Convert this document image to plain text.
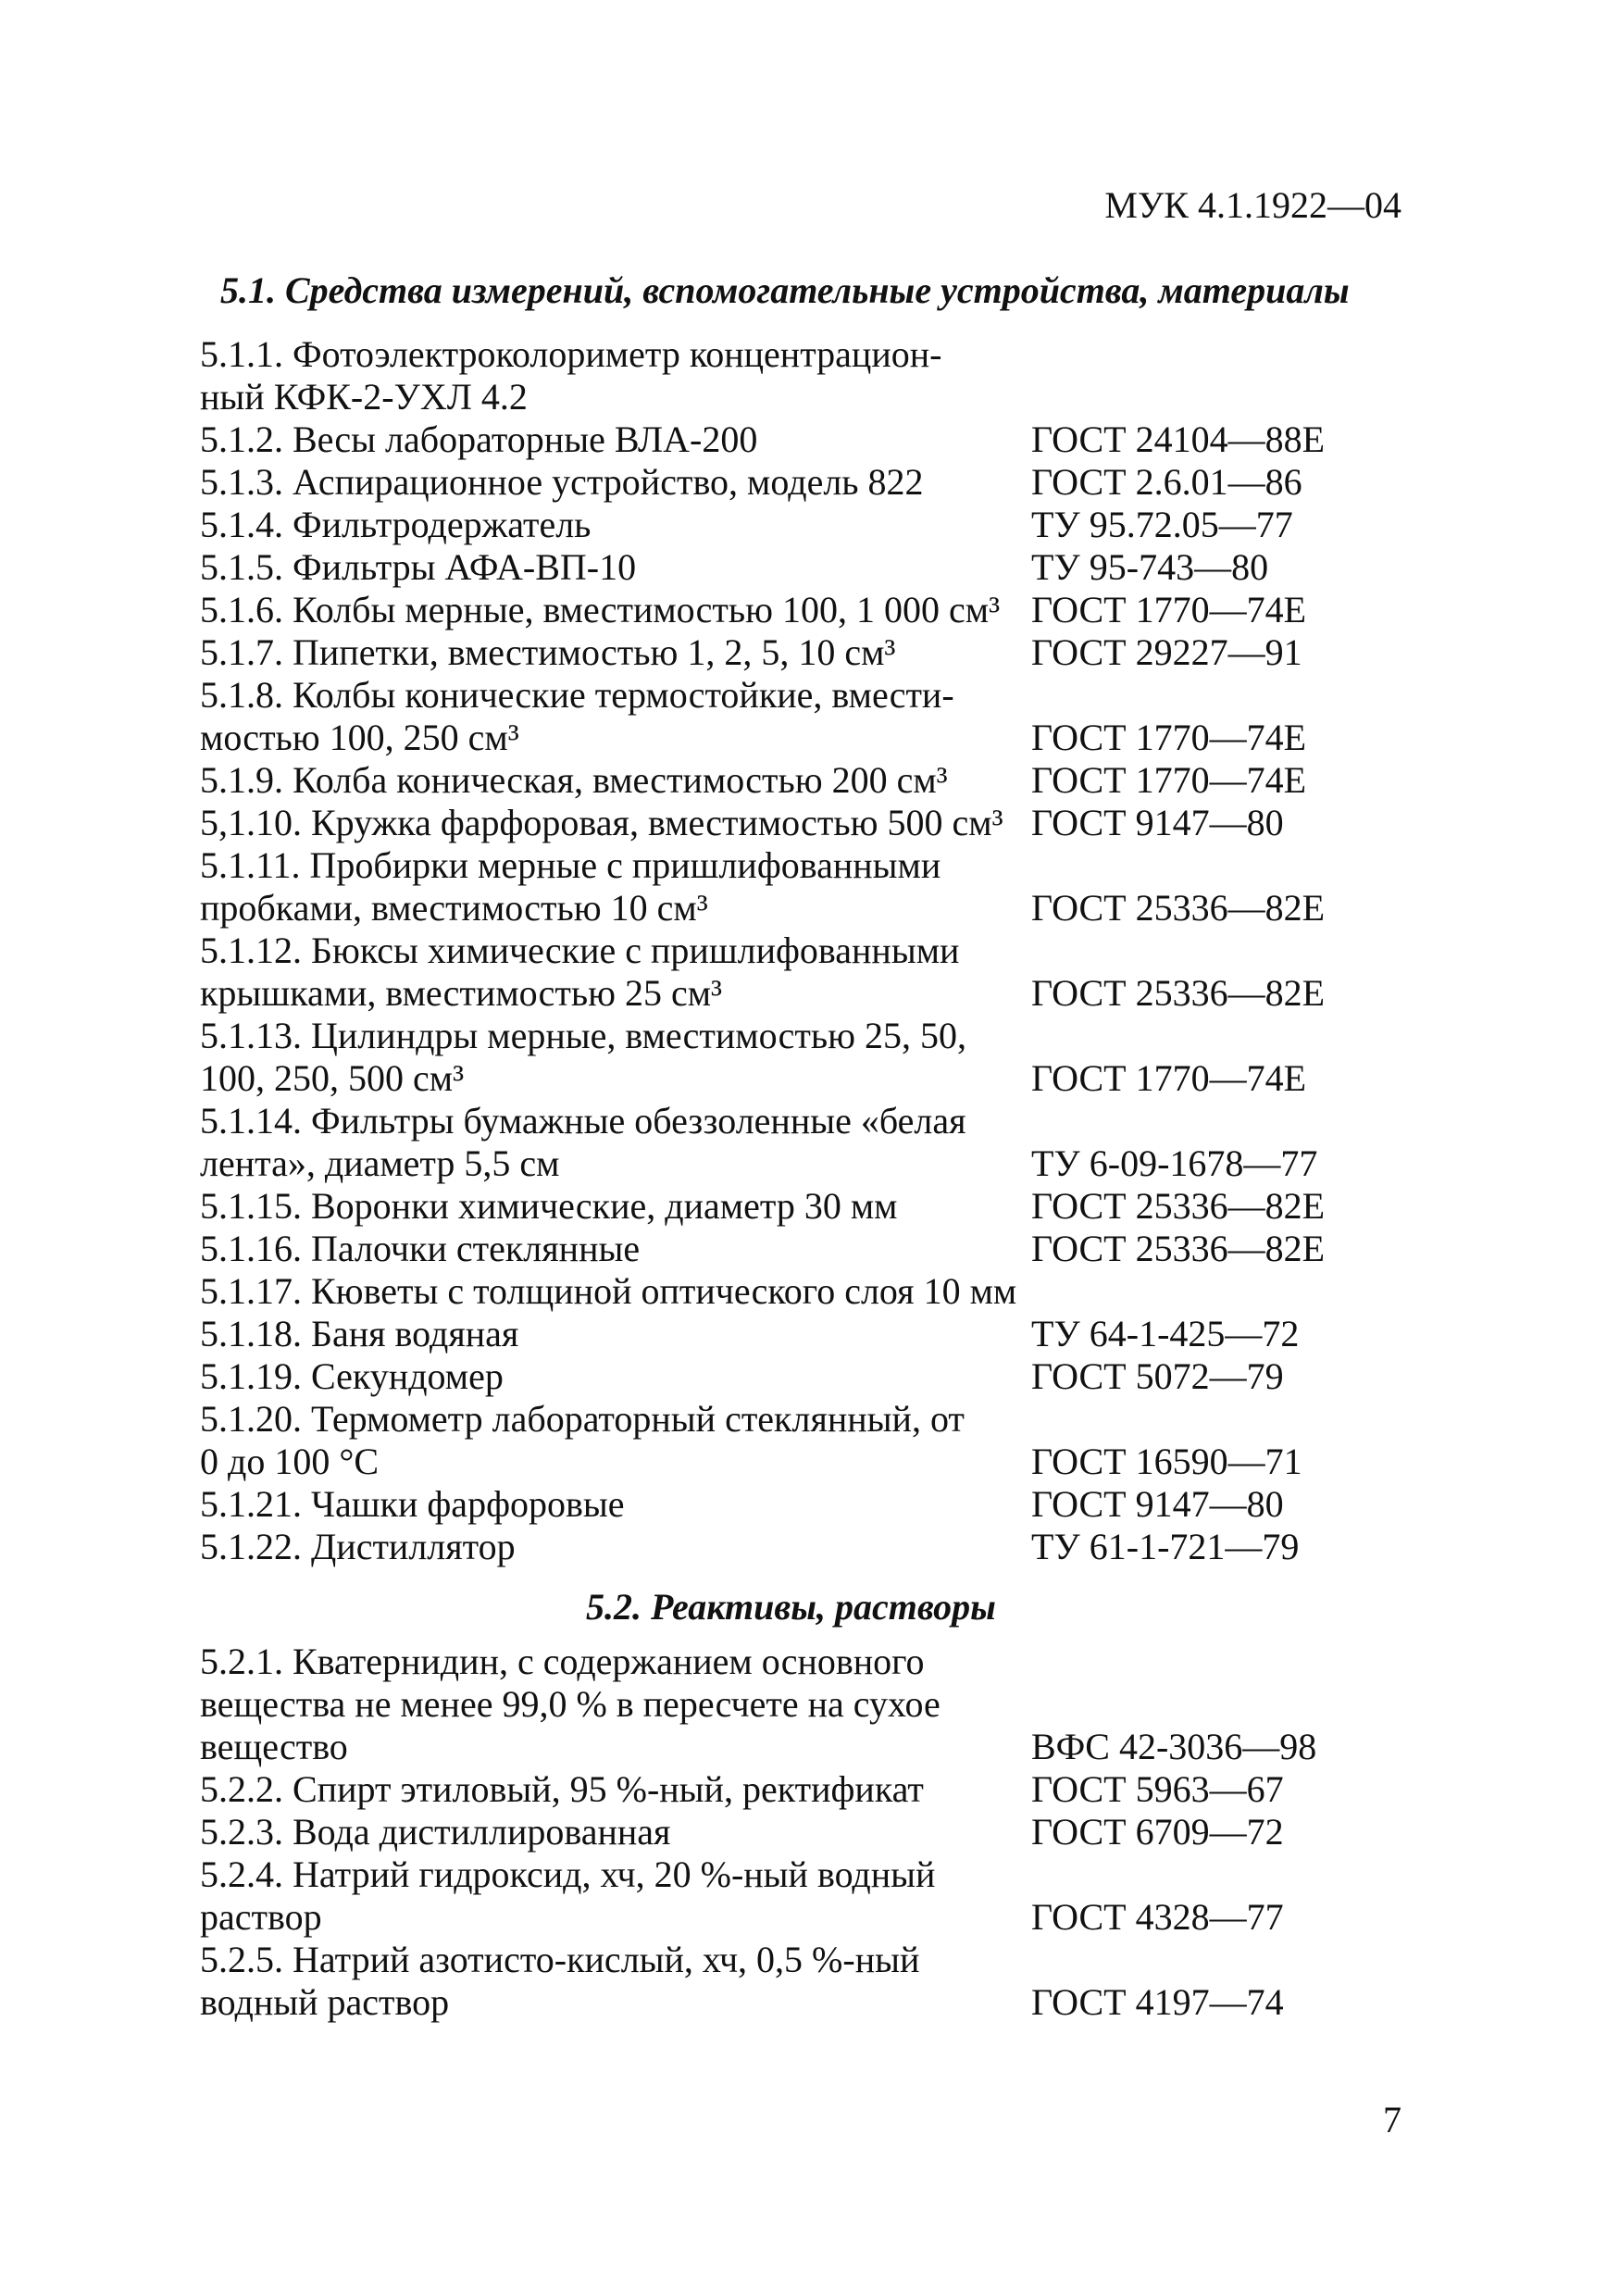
МУК 4.1.1922—04
5.1. Средства измерений, вспомогательные устройства, материалы
5.1.1. Фотоэлектроколориметр концентрацион-
ный КФК-2-УХЛ 4.2
5.1.2. Весы лабораторные ВЛА-200	ГОСТ 24104—88Е
5.1.3. Аспирационное устройство, модель 822	ГОСТ 2.6.01—86
5.1.4. Фильтродержатель	ТУ 95.72.05—77
5.1.5. Фильтры АФА-ВП-10	ТУ 95-743—80
5.1.6. Колбы мерные, вместимостью 100, 1 000 см³ ГОСТ 1770—74Е
5.1.7. Пипетки, вместимостью 1, 2, 5, 10 см³	ГОСТ 29227—91
5.1.8. Колбы конические термостойкие, вмести-
мостью 100, 250 см³	ГОСТ 1770—74Е
5.1.9. Колба коническая, вместимостью 200 см³	ГОСТ 1770—74Е
5,1.10. Кружка фарфоровая, вместимостью 500 см³ ГОСТ 9147—80
5.1.11. Пробирки мерные с пришлифованными
пробками, вместимостью 10 см³	ГОСТ 25336—82Е
5.1.12. Бюксы химические с пришлифованными
крышками, вместимостью 25 см³	ГОСТ 25336—82Е
5.1.13. Цилиндры мерные, вместимостью 25, 50,
100, 250, 500 см³	ГОСТ 1770—74Е
5.1.14. Фильтры бумажные обеззоленные «белая
лента», диаметр 5,5 см	ТУ 6-09-1678—77
5.1.15. Воронки химические, диаметр 30 мм	ГОСТ 25336—82Е
5.1.16. Палочки стеклянные	ГОСТ 25336—82Е
5.1.17. Кюветы с толщиной оптического слоя 10 мм
5.1.18. Баня водяная	ТУ 64-1-425—72
5.1.19. Секундомер	ГОСТ 5072—79
5.1.20. Термометр лабораторный стеклянный, от
0 до 100 °С	ГОСТ 16590—71
5.1.21. Чашки фарфоровые	ГОСТ 9147—80
5.1.22. Дистиллятор	ТУ 61-1-721—79
5.2. Реактивы, растворы
5.2.1. Кватернидин, с содержанием основного
вещества не менее 99,0 % в пересчете на сухое
вещество	ВФС 42-3036—98
5.2.2. Спирт этиловый, 95 %-ный, ректификат	ГОСТ 5963—67
5.2.3. Вода дистиллированная	ГОСТ 6709—72
5.2.4. Натрий гидроксид, хч, 20 %-ный водный
раствор	ГОСТ 4328—77
5.2.5. Натрий азотисто-кислый, хч, 0,5 %-ный
водный раствор	ГОСТ 4197—74
7
